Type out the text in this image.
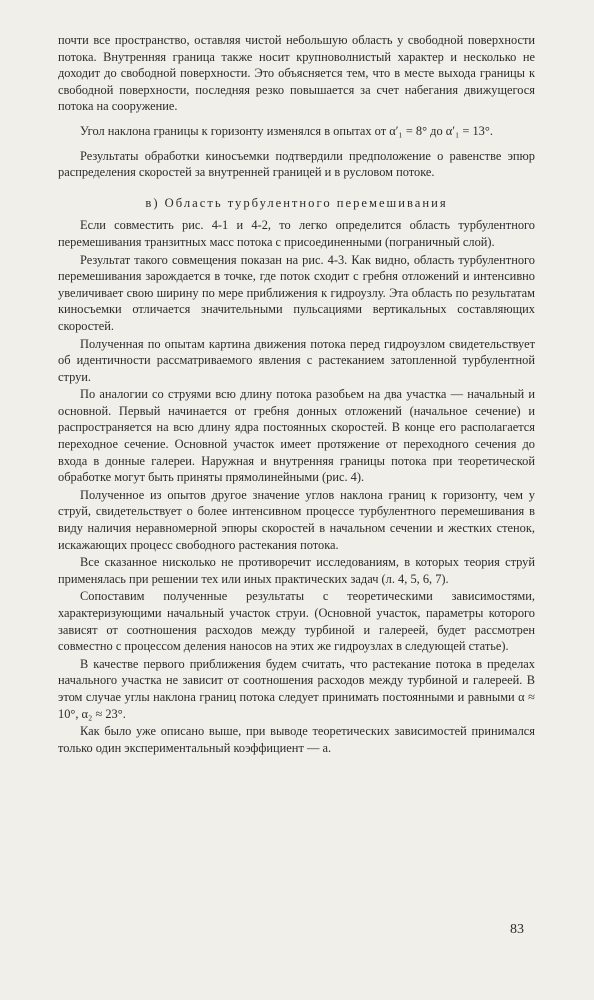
почти все пространство, оставляя чистой небольшую область у свободной поверхности потока. Внутренняя граница также носит крупноволнистый характер и несколько не доходит до свободной поверхности. Это объясняется тем, что в месте выхода границы к свободной поверхности, последняя резко повышается за счет набегания движущегося потока на сооружение.

Угол наклона границы к горизонту изменялся в опытах от α′₁ = 8° до α′₁ = 13°.

Результаты обработки киносъемки подтвердили предположение о равенстве эпюр распределения скоростей за внутренней границей и в русловом потоке.

в) Область турбулентного перемешивания

Если совместить рис. 4-1 и 4-2, то легко определится область турбулентного перемешивания транзитных масс потока с присоединенными (пограничный слой).

Результат такого совмещения показан на рис. 4-3. Как видно, область турбулентного перемешивания зарождается в точке, где поток сходит с гребня отложений и интенсивно увеличивает свою ширину по мере приближения к гидроузлу. Эта область по результатам киносъемки отличается значительными пульсациями вертикальных составляющих скоростей.

Полученная по опытам картина движения потока перед гидроузлом свидетельствует об идентичности рассматриваемого явления с растеканием затопленной турбулентной струи.

По аналогии со струями всю длину потока разобьем на два участка — начальный и основной. Первый начинается от гребня донных отложений (начальное сечение) и распространяется на всю длину ядра постоянных скоростей. В конце его располагается переходное сечение. Основной участок имеет протяжение от переходного сечения до входа в донные галереи. Наружная и внутренняя границы потока при теоретической обработке могут быть приняты прямолинейными (рис. 4).

Полученное из опытов другое значение углов наклона границ к горизонту, чем у струй, свидетельствует о более интенсивном процессе турбулентного перемешивания в виду наличия неравномерной эпюры скоростей в начальном сечении и жестких стенок, искажающих процесс свободного растекания потока.

Все сказанное нисколько не противоречит исследованиям, в которых теория струй применялась при решении тех или иных практических задач (л. 4, 5, 6, 7).

Сопоставим полученные результаты с теоретическими зависимостями, характеризующими начальный участок струи. (Основной участок, параметры которого зависят от соотношения расходов между турбиной и галереей, будет рассмотрен совместно с процессом деления наносов на этих же гидроузлах в следующей статье).

В качестве первого приближения будем считать, что растекание потока в пределах начального участка не зависит от соотношения расходов между турбиной и галереей. В этом случае углы наклона границ потока следует принимать постоянными и равными α ≈ 10°, α₂ ≈ 23°.

Как было уже описано выше, при выводе теоретических зависимостей принимался только один экспериментальный коэффициент — a.

83
